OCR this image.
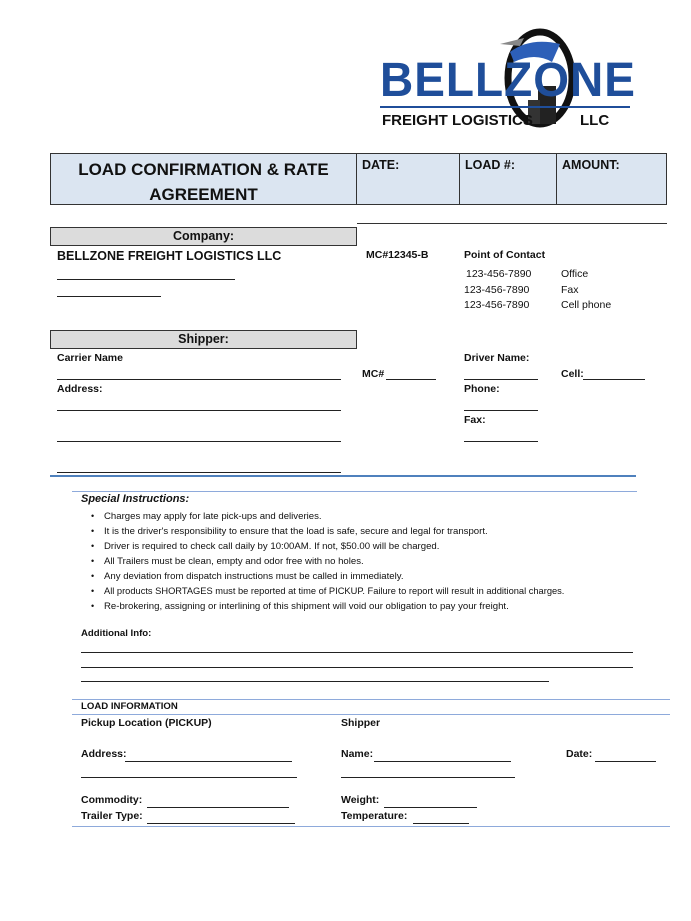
BELLZONE
FREIGHT LOGISTICS	LLC
LOAD CONFIRMATION & RATE
AGREEMENT
DATE:	LOAD #:	AMOUNT:
Company:
BELLZONE FREIGHT LOGISTICS LLC	MC#12345-B	Point of Contact
123-456-7890	Office
123-456-7890	Fax
123-456-7890	Cell phone
Shipper:
Carrier Name
MC#
Address:
Driver Name:
Cell:
Phone:
Fax:
Special Instructions:
• Charges may apply for late pick-ups and deliveries.
• It is the driver's responsibility to ensure that the load is safe, secure and legal for transport.
• Driver is required to check call daily by 10:00AM. If not, $50.00 will be charged.
• All Trailers must be clean, empty and odor free with no holes.
• Any deviation from dispatch instructions must be called in immediately.
• All products SHORTAGES must be reported at time of PICKUP. Failure to report will result in additional charges.
• Re-brokering, assigning or interlining of this shipment will void our obligation to pay your freight.
Additional Info:
LOAD INFORMATION
Pickup Location (PICKUP)	Shipper
Address:	Name:	Date:
Commodity:	Weight:
Trailer Type:	Temperature:
